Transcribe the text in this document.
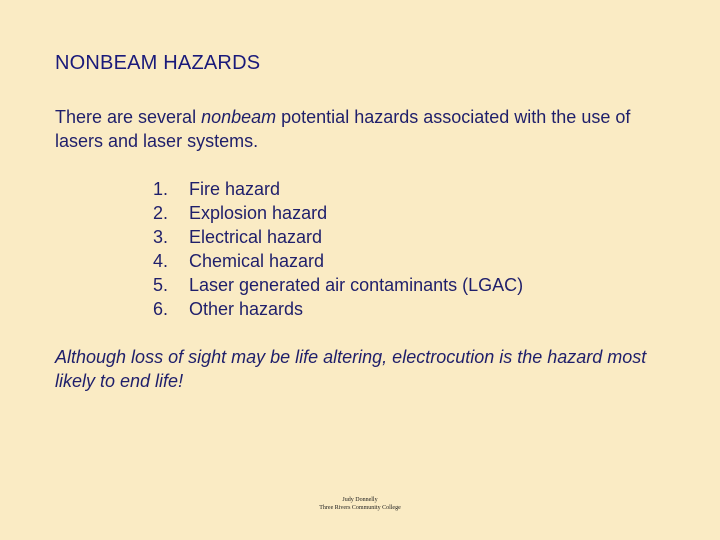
NONBEAM HAZARDS
There are several nonbeam potential hazards associated with the use of lasers and laser systems.
1.	Fire hazard
2.	Explosion hazard
3.	Electrical hazard
4.	Chemical hazard
5.	Laser generated air contaminants (LGAC)
6.	Other hazards
Although loss of sight may be life altering, electrocution is the hazard most likely to end life!
Judy Donnelly
Three Rivers Community College
